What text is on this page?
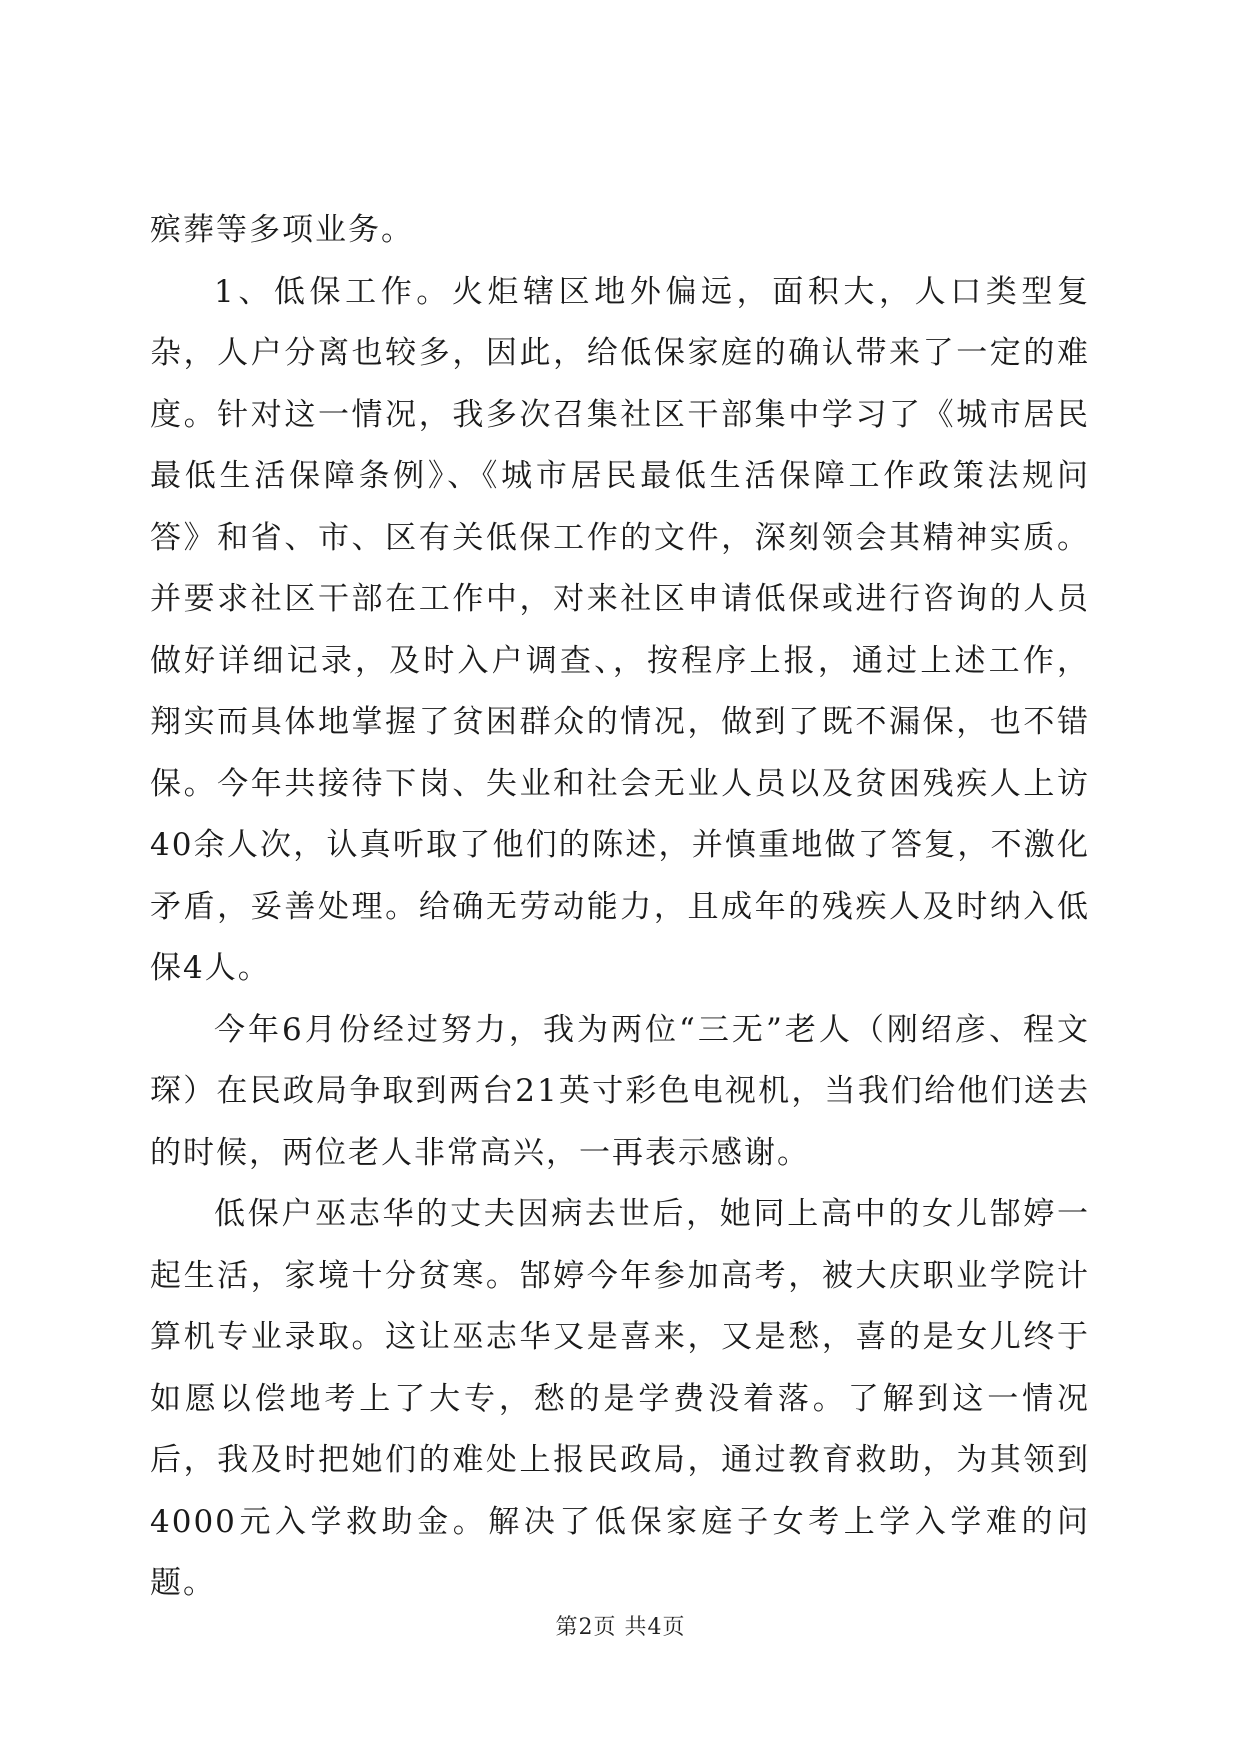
殡葬等多项业务。

1、低保工作。火炬辖区地外偏远，面积大，人口类型复杂，人户分离也较多，因此，给低保家庭的确认带来了一定的难度。针对这一情况，我多次召集社区干部集中学习了《城市居民最低生活保障条例》、《城市居民最低生活保障工作政策法规问答》和省、市、区有关低保工作的文件，深刻领会其精神实质。并要求社区干部在工作中，对来社区申请低保或进行咨询的人员做好详细记录，及时入户调查、，按程序上报，通过上述工作，翔实而具体地掌握了贫困群众的情况，做到了既不漏保，也不错保。今年共接待下岗、失业和社会无业人员以及贫困残疾人上访40余人次，认真听取了他们的陈述，并慎重地做了答复，不激化矛盾，妥善处理。给确无劳动能力，且成年的残疾人及时纳入低保4人。

今年6月份经过努力，我为两位“三无”老人（刚绍彦、程文琛）在民政局争取到两台21英寸彩色电视机，当我们给他们送去的时候，两位老人非常高兴，一再表示感谢。

低保户巫志华的丈夫因病去世后，她同上高中的女儿郜婷一起生活，家境十分贫寒。郜婷今年参加高考，被大庆职业学院计算机专业录取。这让巫志华又是喜来，又是愁，喜的是女儿终于如愿以偿地考上了大专，愁的是学费没着落。了解到这一情况后，我及时把她们的难处上报民政局，通过教育救助，为其领到4000元入学救助金。解决了低保家庭子女考上学入学难的问题。

第2页 共4页
